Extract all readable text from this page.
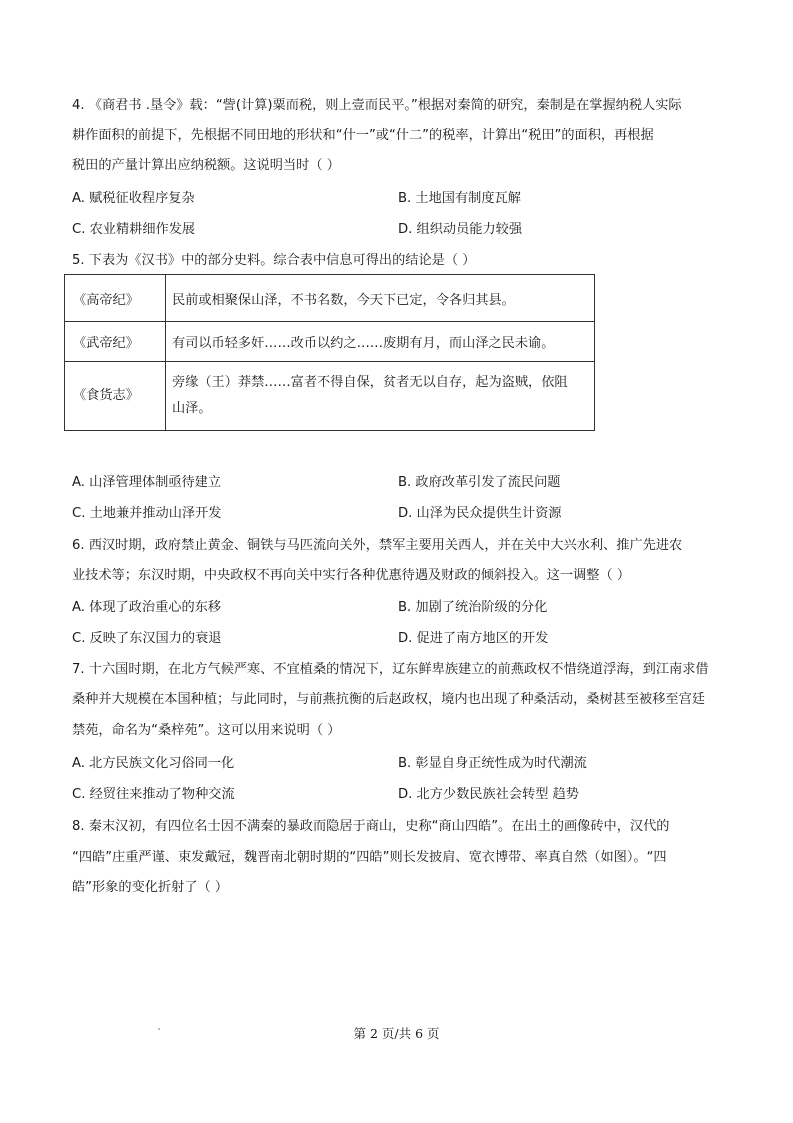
4. 《商君书 .垦令》载：“訾(计算)粟而税，则上壹而民平。”根据对秦简的研究，秦制是在掌握纳税人实际
耕作面积的前提下，先根据不同田地的形状和“什一”或“什二”的税率，计算出“税田”的面积，再根据
税田的产量计算出应纳税额。这说明当时（ ）
A. 赋税征收程序复杂	B. 土地国有制度瓦解
C. 农业精耕细作发展	D. 组织动员能力较强
5. 下表为《汉书》中的部分史料。综合表中信息可得出的结论是（ ）
《高帝纪》	民前或相聚保山泽，不书名数，今天下已定，令各归其县。
《武帝纪》	有司以币轻多奸……改币以约之……废期有月，而山泽之民未谕。
《食货志》	旁缘（王）莽禁……富者不得自保，贫者无以自存，起为盗贼，依阻
山泽。
A. 山泽管理体制亟待建立	B. 政府改革引发了流民问题
C. 土地兼并推动山泽开发	D. 山泽为民众提供生计资源
6. 西汉时期，政府禁止黄金、铜铁与马匹流向关外，禁军主要用关西人，并在关中大兴水利、推广先进农
业技术等；东汉时期，中央政权不再向关中实行各种优惠待遇及财政的倾斜投入。这一调整（ ）
A. 体现了政治重心的东移	B. 加剧了统治阶级的分化
C. 反映了东汉国力的衰退	D. 促进了南方地区的开发
7. 十六国时期，在北方气候严寒、不宜植桑的情况下，辽东鲜卑族建立的前燕政权不惜绕道浮海，到江南求借
桑种并大规模在本国种植；与此同时，与前燕抗衡的后赵政权，境内也出现了种桑活动，桑树甚至被移至宫廷
禁苑，命名为“桑梓苑”。这可以用来说明（ ）
A. 北方民族文化习俗同一化	B. 彰显自身正统性成为时代潮流
C. 经贸往来推动了物种交流	D. 北方少数民族社会转型 趋势
8. 秦末汉初，有四位名士因不满秦的暴政而隐居于商山，史称“商山四皓”。在出土的画像砖中，汉代的
“四皓”庄重严谨、束发戴冠，魏晋南北朝时期的“四皓”则长发披肩、宽衣博带、率真自然（如图）。“四
皓”形象的变化折射了（ ）
第 2 页/共 6 页
